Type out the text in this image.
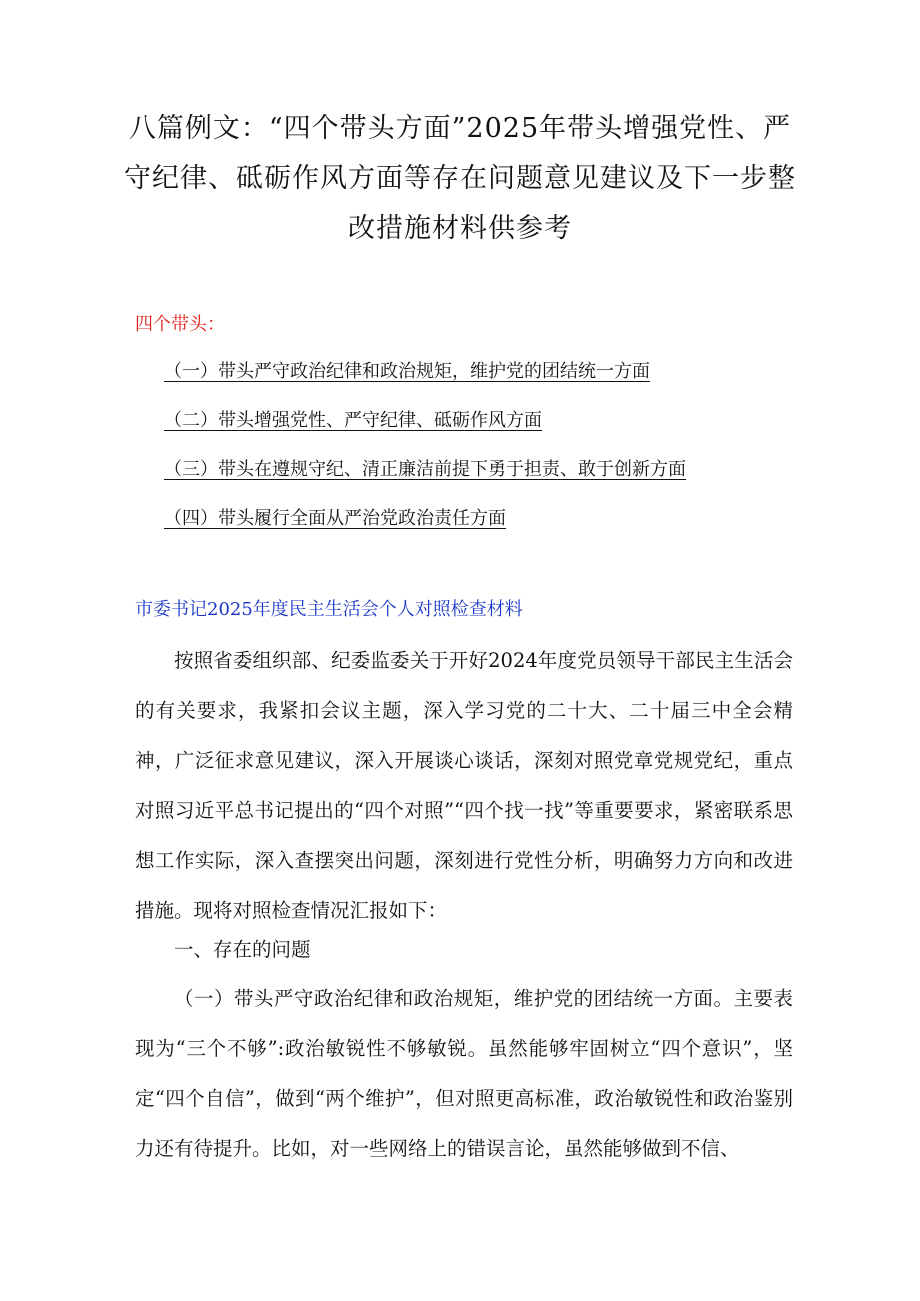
八篇例文：“四个带头方面”2025年带头增强党性、严守纪律、砥砺作风方面等存在问题意见建议及下一步整改措施材料供参考
四个带头：
（一）带头严守政治纪律和政治规矩，维护党的团结统一方面
（二）带头增强党性、严守纪律、砥砺作风方面
（三）带头在遵规守纪、清正廉洁前提下勇于担责、敢于创新方面
（四）带头履行全面从严治党政治责任方面
市委书记2025年度民主生活会个人对照检查材料

按照省委组织部、纪委监委关于开好2024年度党员领导干部民主生活会的有关要求，我紧扣会议主题，深入学习党的二十大、二十届三中全会精神，广泛征求意见建议，深入开展谈心谈话，深刻对照党章党规党纪，重点对照习近平总书记提出的“四个对照”“四个找一找”等重要要求，紧密联系思想工作实际，深入查摆突出问题，深刻进行党性分析，明确努力方向和改进措施。现将对照检查情况汇报如下：

一、存在的问题

（一）带头严守政治纪律和政治规矩，维护党的团结统一方面。主要表现为“三个不够”:政治敏锐性不够敏锐。虽然能够牢固树立“四个意识”，坚定“四个自信”，做到“两个维护”，但对照更高标准，政治敏锐性和政治鉴别力还有待提升。比如，对一些网络上的错误言论，虽然能够做到不信、
